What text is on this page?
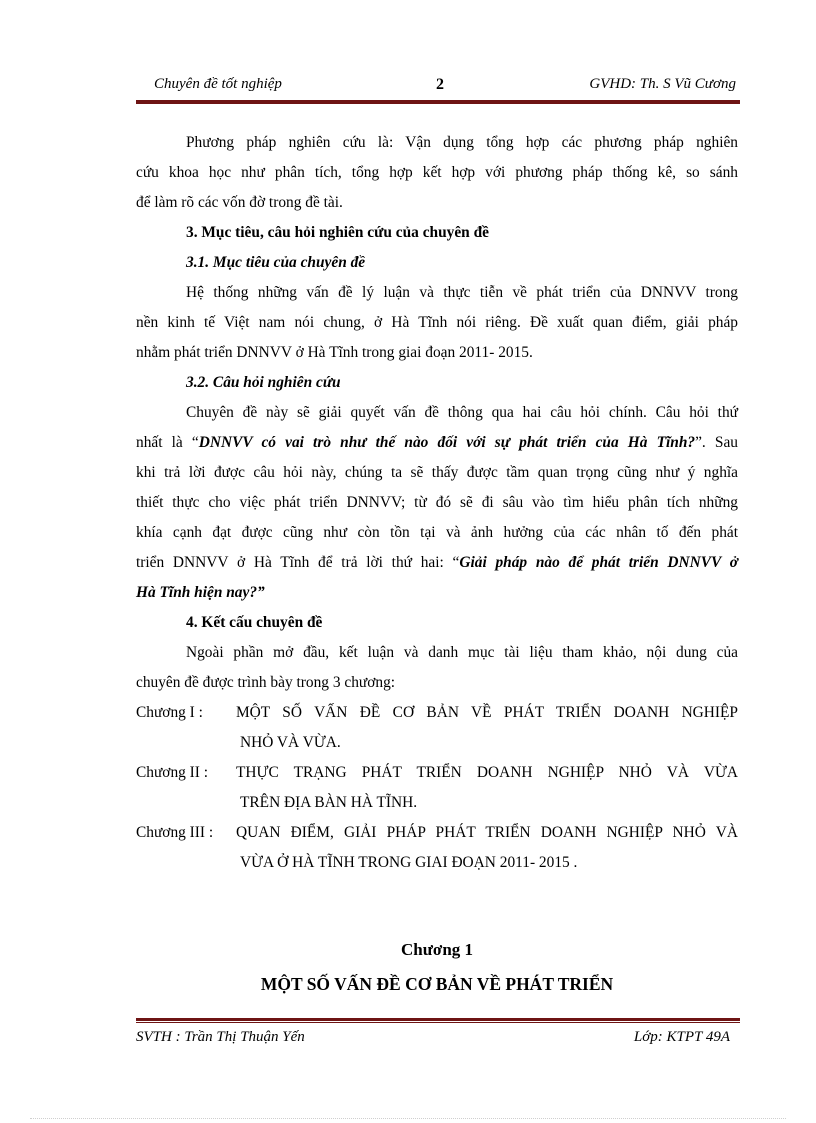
Chuyên đề tốt nghiệp	2	GVHD: Th. S Vũ Cương
Phương pháp nghiên cứu là: Vận dụng tổng hợp các phương pháp nghiên
cứu khoa học như phân tích, tổng hợp kết hợp với phương pháp thống kê, so sánh
để làm rõ các vốn đờ trong đề tài.
3. Mục tiêu, câu hỏi nghiên cứu của chuyên đề
3.1. Mục tiêu của chuyên đề
Hệ thống những vấn đề lý luận và thực tiễn về phát triển của DNNVV trong
nền kinh tế Việt nam nói chung, ở Hà Tĩnh nói riêng. Đề xuất quan điểm, giải pháp
nhằm phát triển DNNVV ở Hà Tĩnh trong giai đoạn 2011- 2015.
3.2. Câu hỏi nghiên cứu
Chuyên đề này sẽ giải quyết vấn đề thông qua hai câu hỏi chính. Câu hỏi thứ
nhất là “DNNVV có vai trò như thế nào đối với sự phát triển của Hà Tĩnh?”. Sau
khi trả lời được câu hỏi này, chúng ta sẽ thấy được tầm quan trọng cũng như ý nghĩa
thiết thực cho việc phát triển DNNVV; từ đó sẽ đi sâu vào tìm hiểu phân tích những
khía cạnh đạt được cũng như còn tồn tại và ảnh hưởng của các nhân tố đến phát
triển DNNVV ở Hà Tĩnh để trả lời thứ hai: “Giải pháp nào để phát triển DNNVV ở
Hà Tĩnh hiện nay?”
4. Kết cấu chuyên đề
Ngoài phần mở đầu, kết luận và danh mục tài liệu tham khảo, nội dung của
chuyên đề được trình bày trong 3 chương:
Chương I :	MỘT SỐ VẤN ĐỀ CƠ BẢN VỀ PHÁT TRIỂN DOANH NGHIỆP
NHỎ VÀ VỪA.
Chương II :	THỰC TRẠNG PHÁT TRIỂN DOANH NGHIỆP NHỎ VÀ VỪA
TRÊN ĐỊA BÀN HÀ TĨNH.
Chương III :	QUAN ĐIỂM, GIẢI PHÁP PHÁT TRIỂN DOANH NGHIỆP NHỎ VÀ
VỪA Ở HÀ TĨNH TRONG GIAI ĐOẠN 2011- 2015 .
Chương 1
MỘT SỐ VẤN ĐỀ CƠ BẢN VỀ PHÁT TRIỂN
SVTH : Trần Thị Thuận Yến	Lớp: KTPT 49A
